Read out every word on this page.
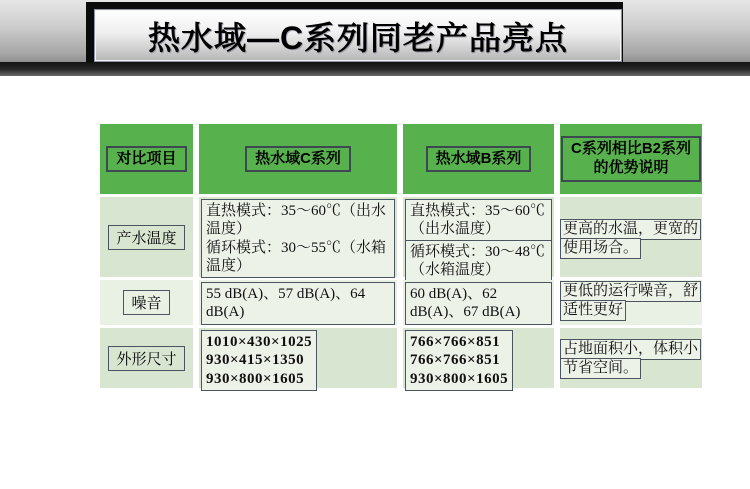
热水域—C系列同老产品亮点
对比项目	热水域C系列	热水域B系列
C系列相比B2系列的优势说明
产水温度
直热模式：35～60℃（出水温度）
循环模式：30～55℃（水箱温度）
直热模式：35～60℃（出水温度）
循环模式：30～48℃（水箱温度）
更高的水温，更宽的
使用场合。
噪音
55 dB(A)、57 dB(A)、64 dB(A)
60 dB(A)、62 dB(A)、67 dB(A)
更低的运行噪音，舒
适性更好
外形尺寸
1010×430×1025
930×415×1350
930×800×1605
766×766×851
766×766×851
930×800×1605
占地面积小，体积小
节省空间。
